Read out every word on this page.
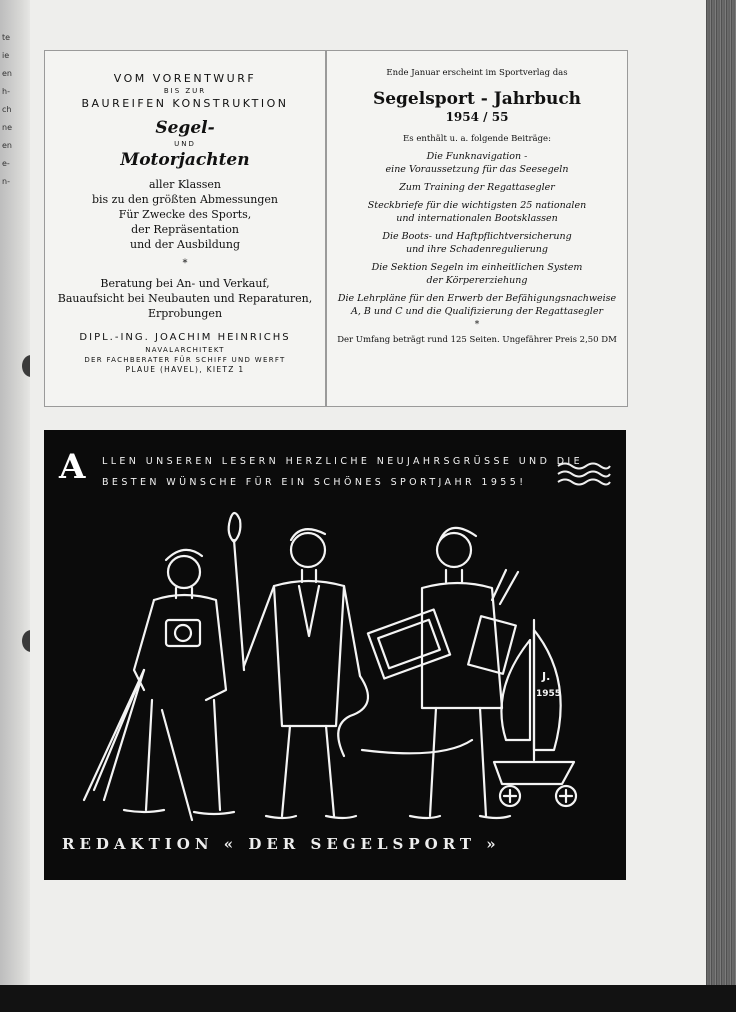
te
ie
en
h-
ch
ne
en
e-
n-
VOM VORENTWURF
BIS ZUR
BAUREIFEN KONSTRUKTION
Segel-
UND
Motorjachten
aller Klassen
bis zu den größten Abmessungen
Für Zwecke des Sports,
der Repräsentation
und der Ausbildung
*
Beratung bei An- und Verkauf,
Bauaufsicht bei Neubauten und Reparaturen,
Erprobungen
DIPL.-ING. JOACHIM HEINRICHS
NAVALARCHITEKT
DER FACHBERATER FÜR SCHIFF UND WERFT
PLAUE (HAVEL), KIETZ 1
Ende Januar erscheint im Sportverlag das
Segelsport - Jahrbuch
1954 / 55
Es enthält u. a. folgende Beiträge:
Die Funknavigation -
eine Voraussetzung für das Seesegeln
Zum Training der Regattasegler
Steckbriefe für die wichtigsten 25 nationalen
und internationalen Bootsklassen
Die Boots- und Haftpflichtversicherung
und ihre Schadenregulierung
Die Sektion Segeln im einheitlichen System
der Körpererziehung
Die Lehrpläne für den Erwerb der Befähigungsnachweise
A, B und C und die Qualifizierung der Regattasegler
*
Der Umfang beträgt rund 125 Seiten. Ungefährer Preis 2,50 DM
A LLEN UNSEREN LESERN HERZLICHE NEUJAHRSGRÜSSE UND DIE
BESTEN WÜNSCHE FÜR EIN SCHÖNES SPORTJAHR 1955!
J.
1955
REDAKTION « DER SEGELSPORT »
